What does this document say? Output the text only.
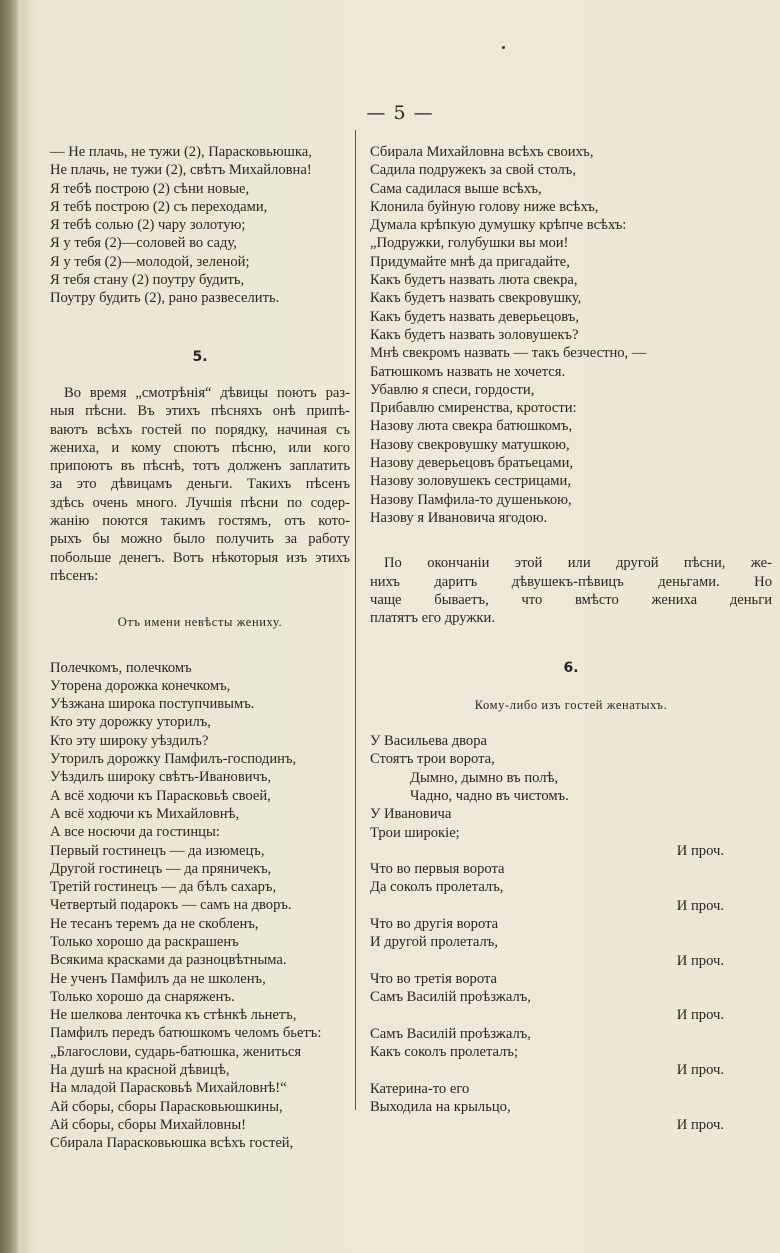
— 5 —
— Не плачь, не тужи (2), Парасковьюшка,
Не плачь, не тужи (2), свѣтъ Михайловна!
Я тебѣ пострoю (2) сѣни новые,
Я тебѣ построю (2) съ переходами,
Я тебѣ солью (2) чару золотую;
Я у тебя (2)—соловей во саду,
Я у тебя (2)—молодой, зеленой;
Я тебя стану (2) поутру будить,
Поутру будить (2), рано развеселить.
5.
Во время „смотрѣнія“ дѣвицы поютъ раз-
ныя пѣсни. Въ этихъ пѣсняхъ онѣ припѣ-
ваютъ всѣхъ гостей по порядку, начиная съ
жениха, и кому споютъ пѣсню, или кого
припоютъ въ пѣснѣ, тотъ долженъ заплатить
за это дѣвицамъ деньги. Такихъ пѣсенъ
здѣсь очень много. Лучшія пѣсни по содер-
жанію поются такимъ гостямъ, отъ кото-
рыхъ бы можно было получить за работу
побольше денегъ. Вотъ нѣкоторыя изъ этихъ
пѣсенъ:
Отъ имени невѣсты жениху.
Полечкомъ, полечкомъ
Уторена дорожка конечкомъ,
Уѣзжана широка поступчивымъ.
Кто эту дорожку уторилъ,
Кто эту широку уѣздилъ?
Уторилъ дорожку Памфилъ-господинъ,
Уѣздилъ широку свѣтъ-Ивановичъ,
А всё ходючи къ Парасковьѣ своей,
А всё ходючи къ Михайловнѣ,
А все носючи да гостинцы:
Первый гостинецъ — да изюмецъ,
Другой гостинецъ — да пряничекъ,
Третій гостинецъ — да бѣлъ сахаръ,
Четвертый подарокъ — самъ на дворъ.
Не тесанъ теремъ да не скобленъ,
Только хорошо да раскрашенъ
Всякима красками да разноцвѣтныма.
Не ученъ Памфилъ да не школенъ,
Только хорошо да снаряженъ.
Не шелкова ленточка къ стѣнкѣ льнетъ,
Памфилъ передъ батюшкомъ челомъ бьетъ:
„Благослови, сударь-батюшка, жениться
На душѣ на красной дѣвицѣ,
На младой Парасковьѣ Михайловнѣ!“
Ай сборы, сборы Парасковьюшкины,
Ай сборы, сборы Михайловны!
Сбирала Парасковьюшка всѣхъ гостей,
Сбирала Михайловна всѣхъ своихъ,
Садила подружекъ за свой столъ,
Сама садилася выше всѣхъ,
Клонила буйную голову ниже всѣхъ,
Думала крѣпкую думушку крѣпче всѣхъ:
„Подружки, голубушки вы мои!
Придумайте мнѣ да пригадайте,
Какъ будетъ назвать люта свекра,
Какъ будетъ назвать свекровушку,
Какъ будетъ назвать деверьецовъ,
Какъ будетъ назвать золовушекъ?
Мнѣ свекромъ назвать — такъ безчестно, —
Батюшкомъ назвать не хочется.
Убавлю я спеси, гордости,
Прибавлю смиренства, кротости:
Назову люта свекра батюшкомъ,
Назову свекровушку матушкою,
Назову деверьецовъ братьецами,
Назову золовушекъ сестрицами,
Назову Памфила-то душенькою,
Назову я Ивановича ягодою.
По окончаніи этой или другой пѣсни, же-
нихъ даритъ дѣвушекъ-пѣвицъ деньгами. Но
чаще бываетъ, что вмѣсто жениха деньги
платятъ его дружки.
6.
Кому-либо изъ гостей женатыхъ.
У Васильева двора
Стоятъ трои ворота,
Дымно, дымно въ полѣ,
Чадно, чадно въ чистомъ.
У Ивановича
Трои широкіе;
И проч.
Что во первыя ворота
Да соколъ пролеталъ,
И проч.
Что во другія ворота
И другой пролеталъ,
И проч.
Что во третія ворота
Самъ Василій проѣзжалъ,
И проч.
Самъ Василій проѣзжалъ,
Какъ соколъ пролеталъ;
И проч.
Катерина-то его
Выходила на крыльцо,
И проч.
